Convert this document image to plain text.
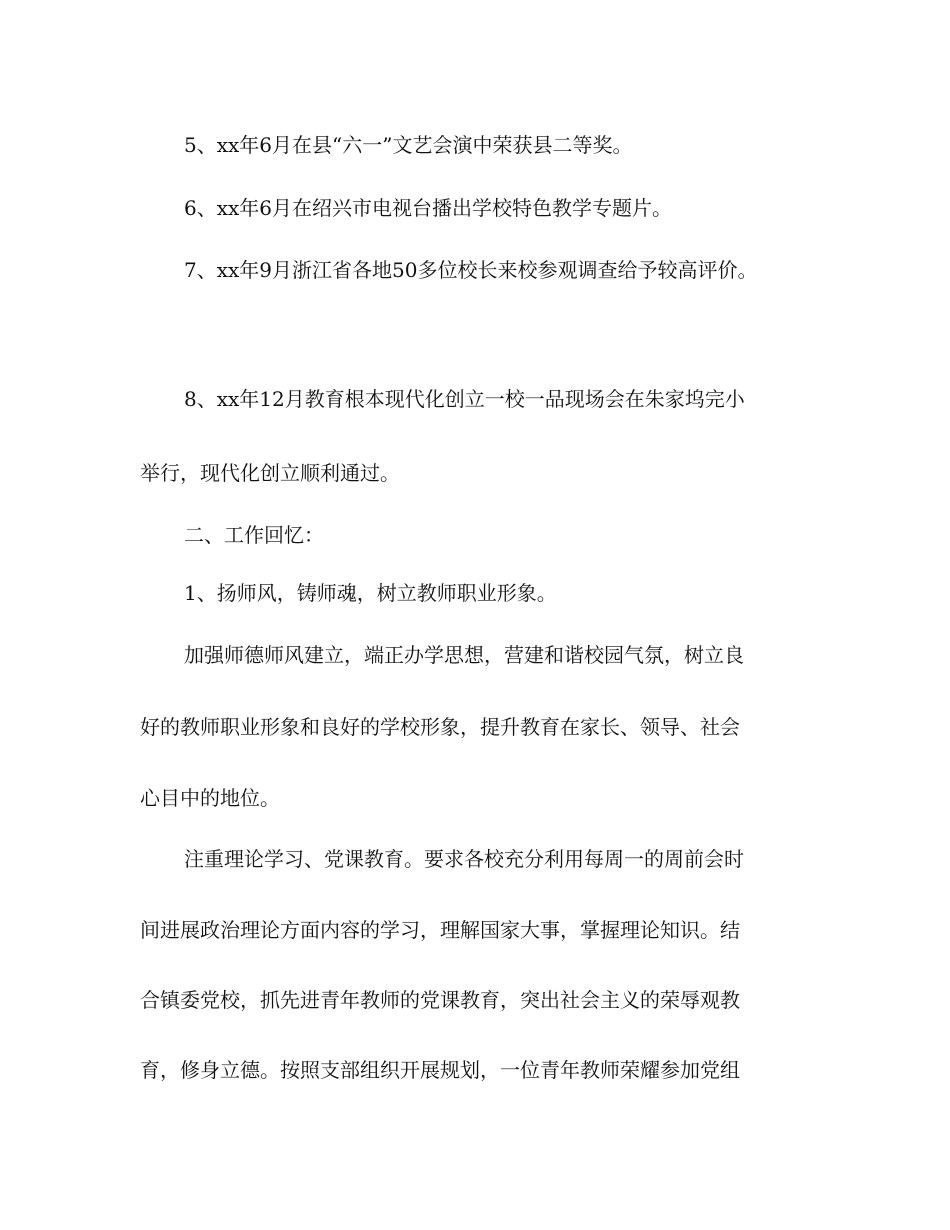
5、xx年6月在县“六一”文艺会演中荣获县二等奖。
6、xx年6月在绍兴市电视台播出学校特色教学专题片。
7、xx年9月浙江省各地50多位校长来校参观调查给予较高评价。
8、xx年12月教育根本现代化创立一校一品现场会在朱家坞完小
举行，现代化创立顺利通过。
二、工作回忆：
1、扬师风，铸师魂，树立教师职业形象。
加强师德师风建立，端正办学思想，营建和谐校园气氛，树立良
好的教师职业形象和良好的学校形象，提升教育在家长、领导、社会
心目中的地位。
注重理论学习、党课教育。要求各校充分利用每周一的周前会时
间进展政治理论方面内容的学习，理解国家大事，掌握理论知识。结
合镇委党校，抓先进青年教师的党课教育，突出社会主义的荣辱观教
育，修身立德。按照支部组织开展规划，一位青年教师荣耀参加党组
